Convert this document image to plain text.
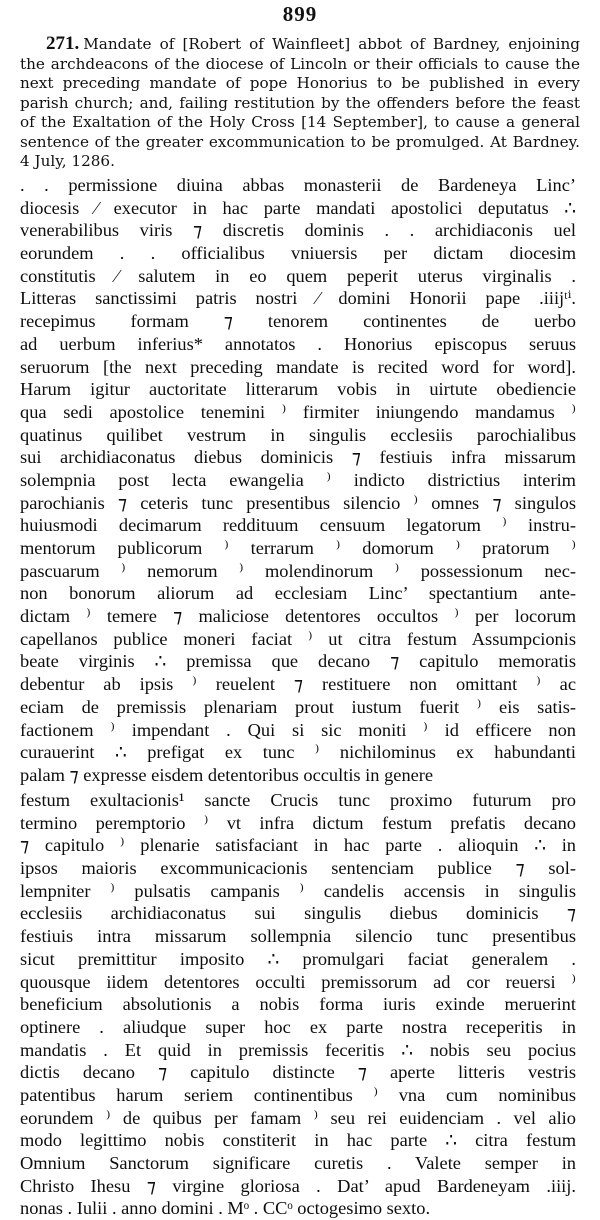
899
271. Mandate of [Robert of Wainfleet] abbot of Bardney, enjoining the archdeacons of the diocese of Lincoln or their officials to cause the next preceding mandate of pope Honorius to be published in every parish church; and, failing restitution by the offenders before the feast of the Exaltation of the Holy Cross [14 September], to cause a general sentence of the greater excommunication to be promulged. At Bardney. 4 July, 1286.
. . permissione diuina abbas monasterii de Bardeneya Linc’
diocesis ⁄ executor in hac parte mandati apostolici deputatus ∴
venerabilibus viris ⁊ discretis dominis . . archidiaconis uel
eorundem . . officialibus vniuersis per dictam diocesim
constitutis ⁄ salutem in eo quem peperit uterus virginalis .
Litteras sanctissimi patris nostri ⁄ domini Honorii pape .iiijᵗⁱ.
recepimus formam ⁊ tenorem continentes de uerbo
ad uerbum inferius* annotatos . Honorius episcopus seruus
seruorum [the next preceding mandate is recited word for word].
Harum igitur auctoritate litterarum vobis in uirtute obediencie
qua sedi apostolice tenemini ⁾ firmiter iniungendo mandamus ⁾
quatinus quilibet vestrum in singulis ecclesiis parochialibus
sui archidiaconatus diebus dominicis ⁊ festiuis infra missarum
solempnia post lecta ewangelia ⁾ indicto districtius interim
parochianis ⁊ ceteris tunc presentibus silencio ⁾ omnes ⁊ singulos
huiusmodi decimarum reddituum censuum legatorum ⁾ instru-
mentorum publicorum ⁾ terrarum ⁾ domorum ⁾ pratorum ⁾
pascuarum ⁾ nemorum ⁾ molendinorum ⁾ possessionum nec-
non bonorum aliorum ad ecclesiam Linc’ spectantium ante-
dictam ⁾ temere ⁊ maliciose detentores occultos ⁾ per locorum
capellanos publice moneri faciat ⁾ ut citra festum Assumpcionis
beate virginis ∴ premissa que decano ⁊ capitulo memoratis
debentur ab ipsis ⁾ reuelent ⁊ restituere non omittant ⁾ ac
eciam de premissis plenariam prout iustum fuerit ⁾ eis satis-
factionem ⁾ impendant . Qui si sic moniti ⁾ id efficere non
curauerint ∴ prefigat ex tunc ⁾ nichilominus ex habundanti
palam ⁊ expresse eisdem detentoribus occultis in genere
festum exultacionis¹ sancte Crucis tunc proximo futurum pro
termino peremptorio ⁾ vt infra dictum festum prefatis decano
⁊ capitulo ⁾ plenarie satisfaciant in hac parte . alioquin ∴ in
ipsos maioris excommunicacionis sentenciam publice ⁊ sol-
lempniter ⁾ pulsatis campanis ⁾ candelis accensis in singulis
ecclesiis archidiaconatus sui singulis diebus dominicis ⁊
festiuis intra missarum sollempnia silencio tunc presentibus
sicut premittitur imposito ∴ promulgari faciat generalem .
quousque iidem detentores occulti premissorum ad cor reuersi ⁾
beneficium absolutionis a nobis forma iuris exinde meruerint
optinere . aliudque super hoc ex parte nostra receperitis in
mandatis . Et quid in premissis feceritis ∴ nobis seu pocius
dictis decano ⁊ capitulo distincte ⁊ aperte litteris vestris
patentibus harum seriem continentibus ⁾ vna cum nominibus
eorundem ⁾ de quibus per famam ⁾ seu rei euidenciam . vel alio
modo legittimo nobis constiterit in hac parte ∴ citra festum
Omnium Sanctorum significare curetis . Valete semper in
Christo Ihesu ⁊ virgine gloriosa . Dat’ apud Bardeneyam .iiij.
nonas . Iulii . anno domini . Mᵒ . CCᵒ octogesimo sexto.
